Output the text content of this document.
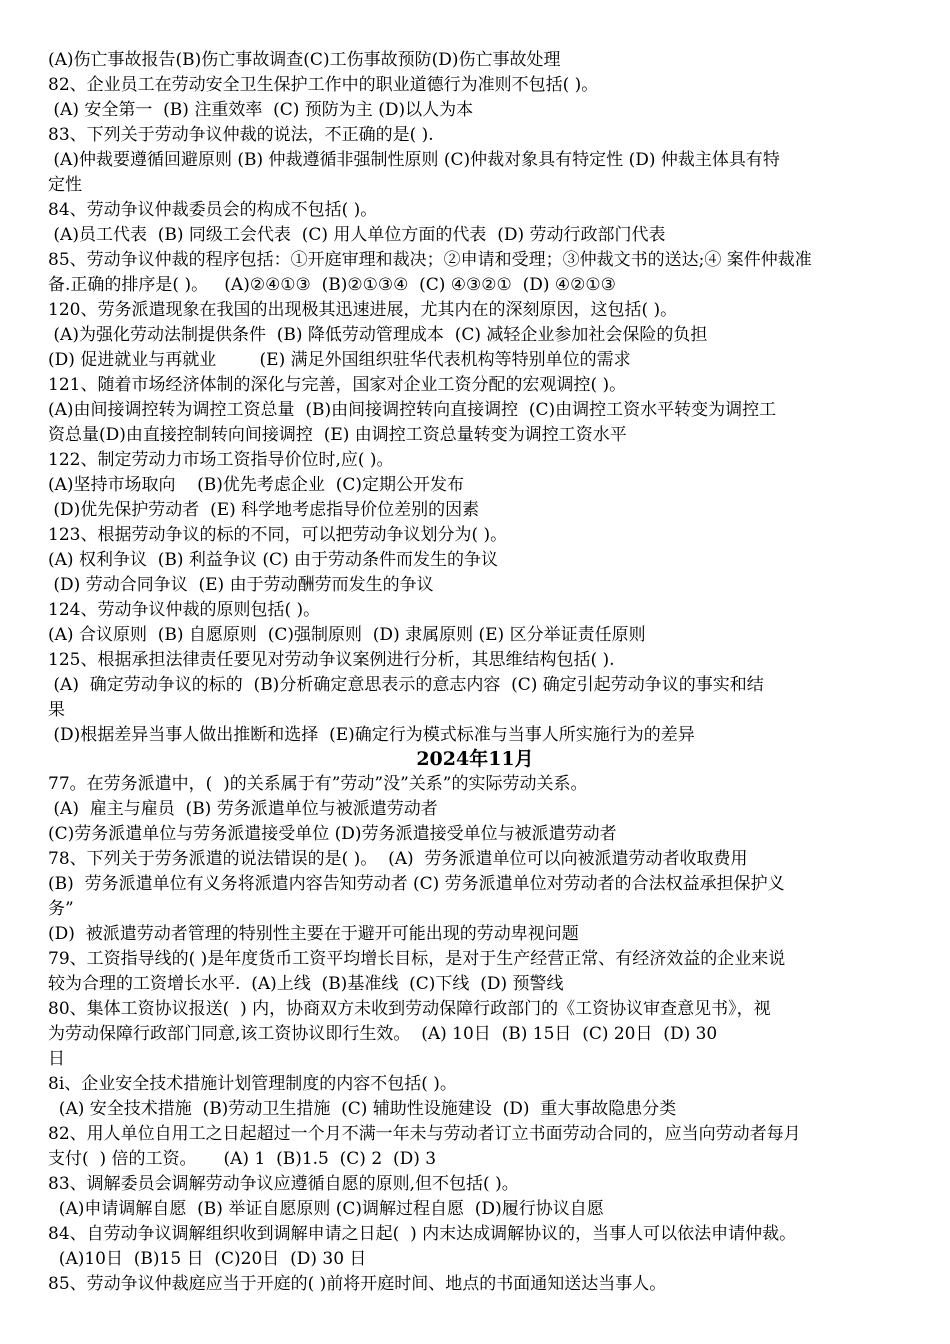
(A)伤亡事故报告(B)伤亡事故调查(C)工伤事故预防(D)伤亡事故处理
82、企业员工在劳动安全卫生保护工作中的职业道德行为准则不包括( )。
(A) 安全第一  (B) 注重效率  (C) 预防为主 (D)以人为本
83、下列关于劳动争议仲裁的说法，不正确的是( ).
(A)仲裁要遵循回避原则 (B) 仲裁遵循非强制性原则 (C)仲裁对象具有特定性 (D) 仲裁主体具有特
定性
84、劳动争议仲裁委员会的构成不包括( )。
(A)员工代表  (B) 同级工会代表  (C) 用人单位方面的代表  (D) 劳动行政部门代表
85、劳动争议仲裁的程序包括：①开庭审理和裁决；②申请和受理；③仲裁文书的送达;④ 案件仲裁准
备.正确的排序是( )。   (A)②④①③  (B)②①③④  (C) ④③②①  (D) ④②①③
120、劳务派遣现象在我国的出现极其迅速进展，尤其内在的深刻原因，这包括( )。
(A)为强化劳动法制提供条件  (B) 降低劳动管理成本  (C) 减轻企业参加社会保险的负担
(D) 促进就业与再就业        (E) 满足外国组织驻华代表机构等特别单位的需求
121、随着市场经济体制的深化与完善，国家对企业工资分配的宏观调控( )。
(A)由间接调控转为调控工资总量  (B)由间接调控转向直接调控  (C)由调控工资水平转变为调控工
资总量(D)由直接控制转向间接调控  (E) 由调控工资总量转变为调控工资水平
122、制定劳动力市场工资指导价位时,应( )。
(A)坚持市场取向    (B)优先考虑企业  (C)定期公开发布
(D)优先保护劳动者  (E) 科学地考虑指导价位差别的因素
123、根据劳动争议的标的不同，可以把劳动争议划分为( )。
(A) 权利争议  (B) 利益争议 (C) 由于劳动条件而发生的争议
(D) 劳动合同争议  (E) 由于劳动酬劳而发生的争议
124、劳动争议仲裁的原则包括( )。
(A) 合议原则  (B) 自愿原则  (C)强制原则  (D) 隶属原则 (E) 区分举证责任原则
125、根据承担法律责任要见对劳动争议案例进行分析，其思维结构包括( ).
(A)  确定劳动争议的标的  (B)分析确定意思表示的意志内容  (C) 确定引起劳动争议的事实和结
果
(D)根据差异当事人做出推断和选择  (E)确定行为模式标准与当事人所实施行为的差异
2024年11月
77。在劳务派遣中，(  )的关系属于有”劳动”没”关系”的实际劳动关系。
(A)  雇主与雇员  (B) 劳务派遣单位与被派遣劳动者
(C)劳务派遣单位与劳务派遣接受单位 (D)劳务派遣接受单位与被派遣劳动者
78、下列关于劳务派遣的说法错误的是( )。  (A)  劳务派遣单位可以向被派遣劳动者收取费用
(B)  劳务派遣单位有义务将派遣内容告知劳动者 (C) 劳务派遣单位对劳动者的合法权益承担保护义
务”
(D)  被派遣劳动者管理的特别性主要在于避开可能出现的劳动卑视问题
79、工资指导线的( )是年度货币工资平均增长目标，是对于生产经营正常、有经济效益的企业来说
较为合理的工资增长水平.  (A)上线  (B)基准线  (C)下线  (D) 预警线
80、集体工资协议报送(  ) 内，协商双方未收到劳动保障行政部门的《工资协议审查意见书》，视
为劳动保障行政部门同意,该工资协议即行生效。  (A) 10日  (B) 15日  (C) 20日  (D) 30
日
8i、企业安全技术措施计划管理制度的内容不包括( )。
(A) 安全技术措施  (B)劳动卫生措施  (C) 辅助性设施建设  (D)  重大事故隐患分类
82、用人单位自用工之日起超过一个月不满一年未与劳动者订立书面劳动合同的，应当向劳动者每月
支付(  ) 倍的工资。     (A) 1  (B)1.5  (C) 2  (D) 3
83、调解委员会调解劳动争议应遵循自愿的原则,但不包括( )。
(A)申请调解自愿  (B) 举证自愿原则 (C)调解过程自愿  (D)履行协议自愿
84、自劳动争议调解组织收到调解申请之日起(  ) 内末达成调解协议的，当事人可以依法申请仲裁。
(A)10日  (B)15 日  (C)20日  (D) 30 日
85、劳动争议仲裁庭应当于开庭的( )前将开庭时间、地点的书面通知送达当事人。
